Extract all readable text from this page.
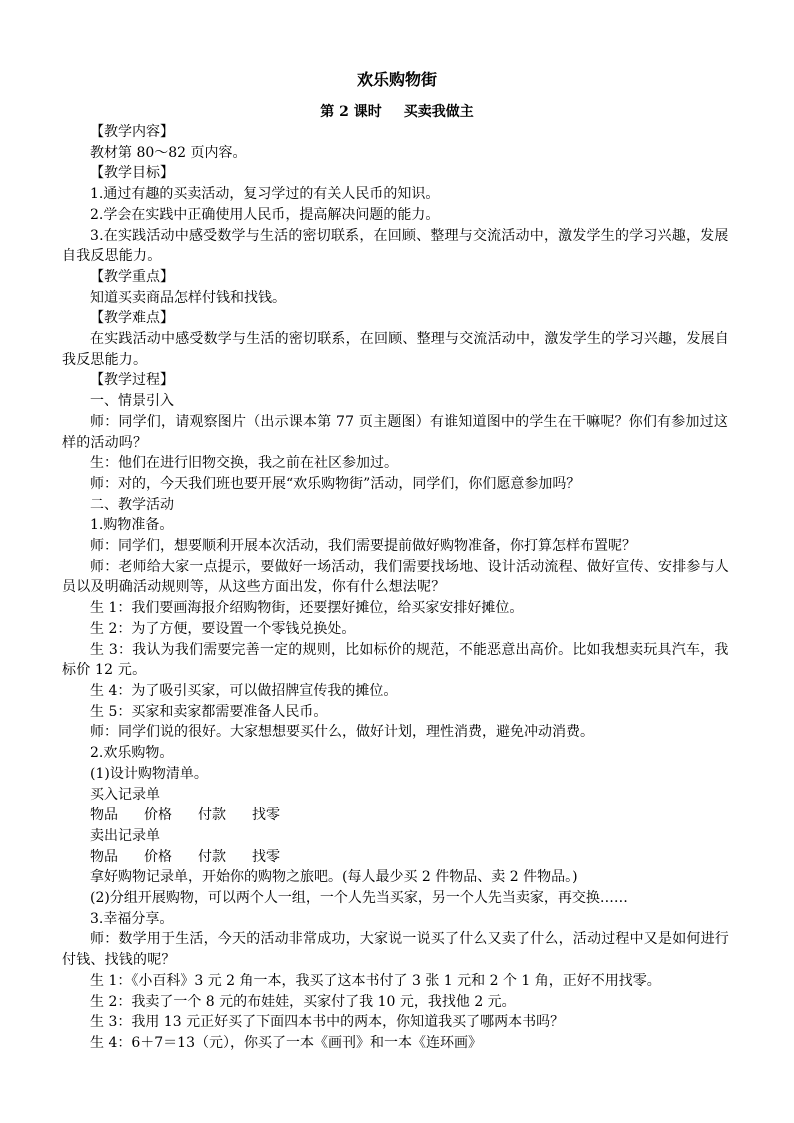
欢乐购物街
第 2 课时 买卖我做主

【教学内容】

教材第 80～82 页内容。

【教学目标】

1.通过有趣的买卖活动，复习学过的有关人民币的知识。

2.学会在实践中正确使用人民币，提高解决问题的能力。

3.在实践活动中感受数学与生活的密切联系，在回顾、整理与交流活动中，激发学生的学习兴趣，发展自我反思能力。

【教学重点】

知道买卖商品怎样付钱和找钱。

【教学难点】

在实践活动中感受数学与生活的密切联系，在回顾、整理与交流活动中，激发学生的学习兴趣，发展自我反思能力。

【教学过程】

一、情景引入

师：同学们，请观察图片（出示课本第 77 页主题图）有谁知道图中的学生在干嘛呢？你们有参加过这样的活动吗？

生：他们在进行旧物交换，我之前在社区参加过。

师：对的，今天我们班也要开展“欢乐购物街”活动，同学们，你们愿意参加吗？

二、教学活动

1.购物准备。

师：同学们，想要顺利开展本次活动，我们需要提前做好购物准备，你打算怎样布置呢？

师：老师给大家一点提示，要做好一场活动，我们需要找场地、设计活动流程、做好宣传、安排参与人员以及明确活动规则等，从这些方面出发，你有什么想法呢？

生 1：我们要画海报介绍购物街，还要摆好摊位，给买家安排好摊位。

生 2：为了方便，要设置一个零钱兑换处。

生 3：我认为我们需要完善一定的规则，比如标价的规范，不能恶意出高价。比如我想卖玩具汽车，我标价 12 元。

生 4：为了吸引买家，可以做招牌宣传我的摊位。

生 5：买家和卖家都需要准备人民币。

师：同学们说的很好。大家想想要买什么，做好计划，理性消费，避免冲动消费。

2.欢乐购物。

(1)设计购物清单。

买入记录单

物品 价格 付款 找零

卖出记录单

物品 价格 付款 找零

拿好购物记录单，开始你的购物之旅吧。(每人最少买 2 件物品、卖 2 件物品。)

(2)分组开展购物，可以两个人一组，一个人先当买家，另一个人先当卖家，再交换……

3.幸福分享。

师：数学用于生活，今天的活动非常成功，大家说一说买了什么又卖了什么，活动过程中又是如何进行付钱、找钱的呢？

生 1：《小百科》3 元 2 角一本，我买了这本书付了 3 张 1 元和 2 个 1 角，正好不用找零。

生 2：我卖了一个 8 元的布娃娃，买家付了我 10 元，我找他 2 元。

生 3：我用 13 元正好买了下面四本书中的两本，你知道我买了哪两本书吗？

生 4：6＋7＝13（元），你买了一本《画刊》和一本《连环画》
